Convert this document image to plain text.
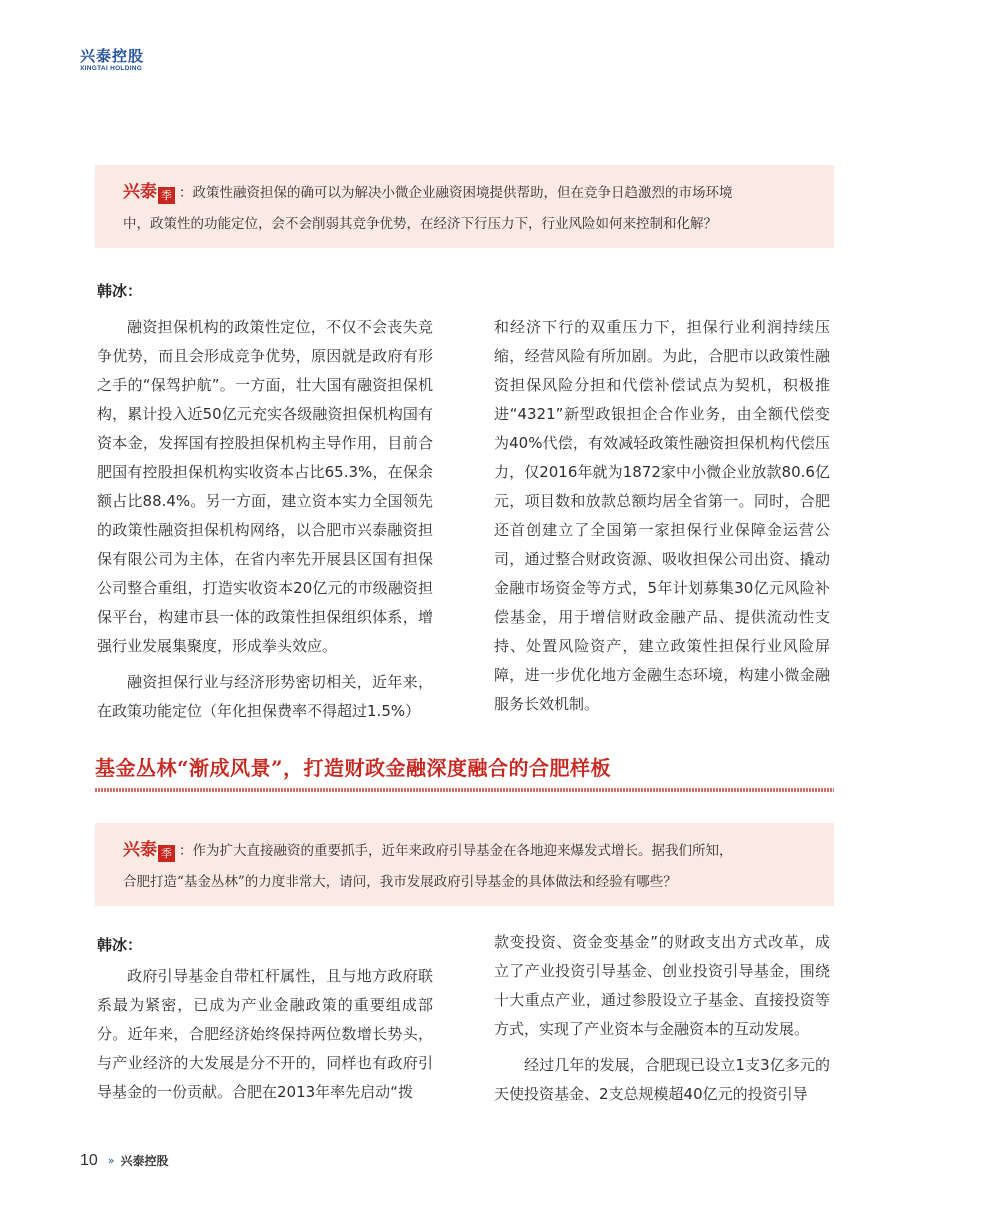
兴泰控股
XINGTAI HOLDING

兴泰 季 ：政策性融资担保的确可以为解决小微企业融资困境提供帮助，但在竞争日趋激烈的市场环境

中，政策性的功能定位，会不会削弱其竞争优势，在经济下行压力下，行业风险如何来控制和化解？

韩冰：

融资担保机构的政策性定位，不仅不会丧失竞争优势，而且会形成竞争优势，原因就是政府有形之手的“保驾护航”。一方面，壮大国有融资担保机构，累计投入近50亿元充实各级融资担保机构国有资本金，发挥国有控股担保机构主导作用，目前合肥国有控股担保机构实收资本占比65.3%，在保余额占比88.4%。另一方面，建立资本实力全国领先的政策性融资担保机构网络，以合肥市兴泰融资担保有限公司为主体，在省内率先开展县区国有担保公司整合重组，打造实收资本20亿元的市级融资担保平台，构建市县一体的政策性担保组织体系，增强行业发展集聚度，形成拳头效应。

融资担保行业与经济形势密切相关，近年来，在政策功能定位（年化担保费率不得超过1.5%）

和经济下行的双重压力下，担保行业利润持续压缩，经营风险有所加剧。为此，合肥市以政策性融资担保风险分担和代偿补偿试点为契机，积极推进“4321”新型政银担企合作业务，由全额代偿变为40%代偿，有效减轻政策性融资担保机构代偿压力，仅2016年就为1872家中小微企业放款80.6亿元，项目数和放款总额均居全省第一。同时，合肥还首创建立了全国第一家担保行业保障金运营公司，通过整合财政资源、吸收担保公司出资、撬动金融市场资金等方式，5年计划募集30亿元风险补偿基金，用于增信财政金融产品、提供流动性支持、处置风险资产，建立政策性担保行业风险屏障，进一步优化地方金融生态环境，构建小微金融服务长效机制。

基金丛林“渐成风景”，打造财政金融深度融合的合肥样板

兴泰 季 ：作为扩大直接融资的重要抓手，近年来政府引导基金在各地迎来爆发式增长。据我们所知，

合肥打造“基金丛林”的力度非常大，请问，我市发展政府引导基金的具体做法和经验有哪些？

韩冰：

政府引导基金自带杠杆属性，且与地方政府联系最为紧密，已成为产业金融政策的重要组成部分。近年来，合肥经济始终保持两位数增长势头，与产业经济的大发展是分不开的，同样也有政府引导基金的一份贡献。合肥在2013年率先启动“拨

款变投资、资金变基金”的财政支出方式改革，成立了产业投资引导基金、创业投资引导基金，围绕十大重点产业，通过参股设立子基金、直接投资等方式，实现了产业资本与金融资本的互动发展。

经过几年的发展，合肥现已设立1支3亿多元的天使投资基金、2支总规模超40亿元的投资引导

10 » 兴泰控股
